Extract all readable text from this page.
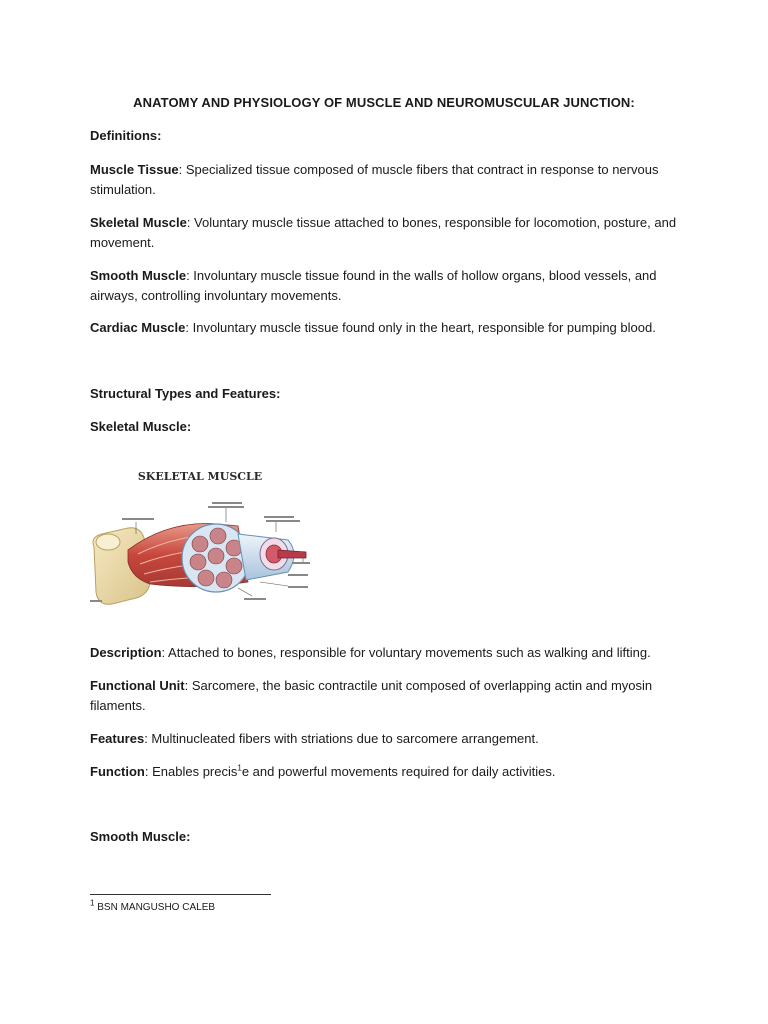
ANATOMY AND PHYSIOLOGY OF MUSCLE AND NEUROMUSCULAR JUNCTION:
Definitions:
Muscle Tissue: Specialized tissue composed of muscle fibers that contract in response to nervous stimulation.
Skeletal Muscle: Voluntary muscle tissue attached to bones, responsible for locomotion, posture, and movement.
Smooth Muscle: Involuntary muscle tissue found in the walls of hollow organs, blood vessels, and airways, controlling involuntary movements.
Cardiac Muscle: Involuntary muscle tissue found only in the heart, responsible for pumping blood.
Structural Types and Features:
Skeletal Muscle:
SKELETAL MUSCLE
Description: Attached to bones, responsible for voluntary movements such as walking and lifting.
Functional Unit: Sarcomere, the basic contractile unit composed of overlapping actin and myosin filaments.
Features: Multinucleated fibers with striations due to sarcomere arrangement.
Function: Enables precis$^1$e and powerful movements required for daily activities.
Smooth Muscle:
$^1$ BSN MANGUSHO CALEB
